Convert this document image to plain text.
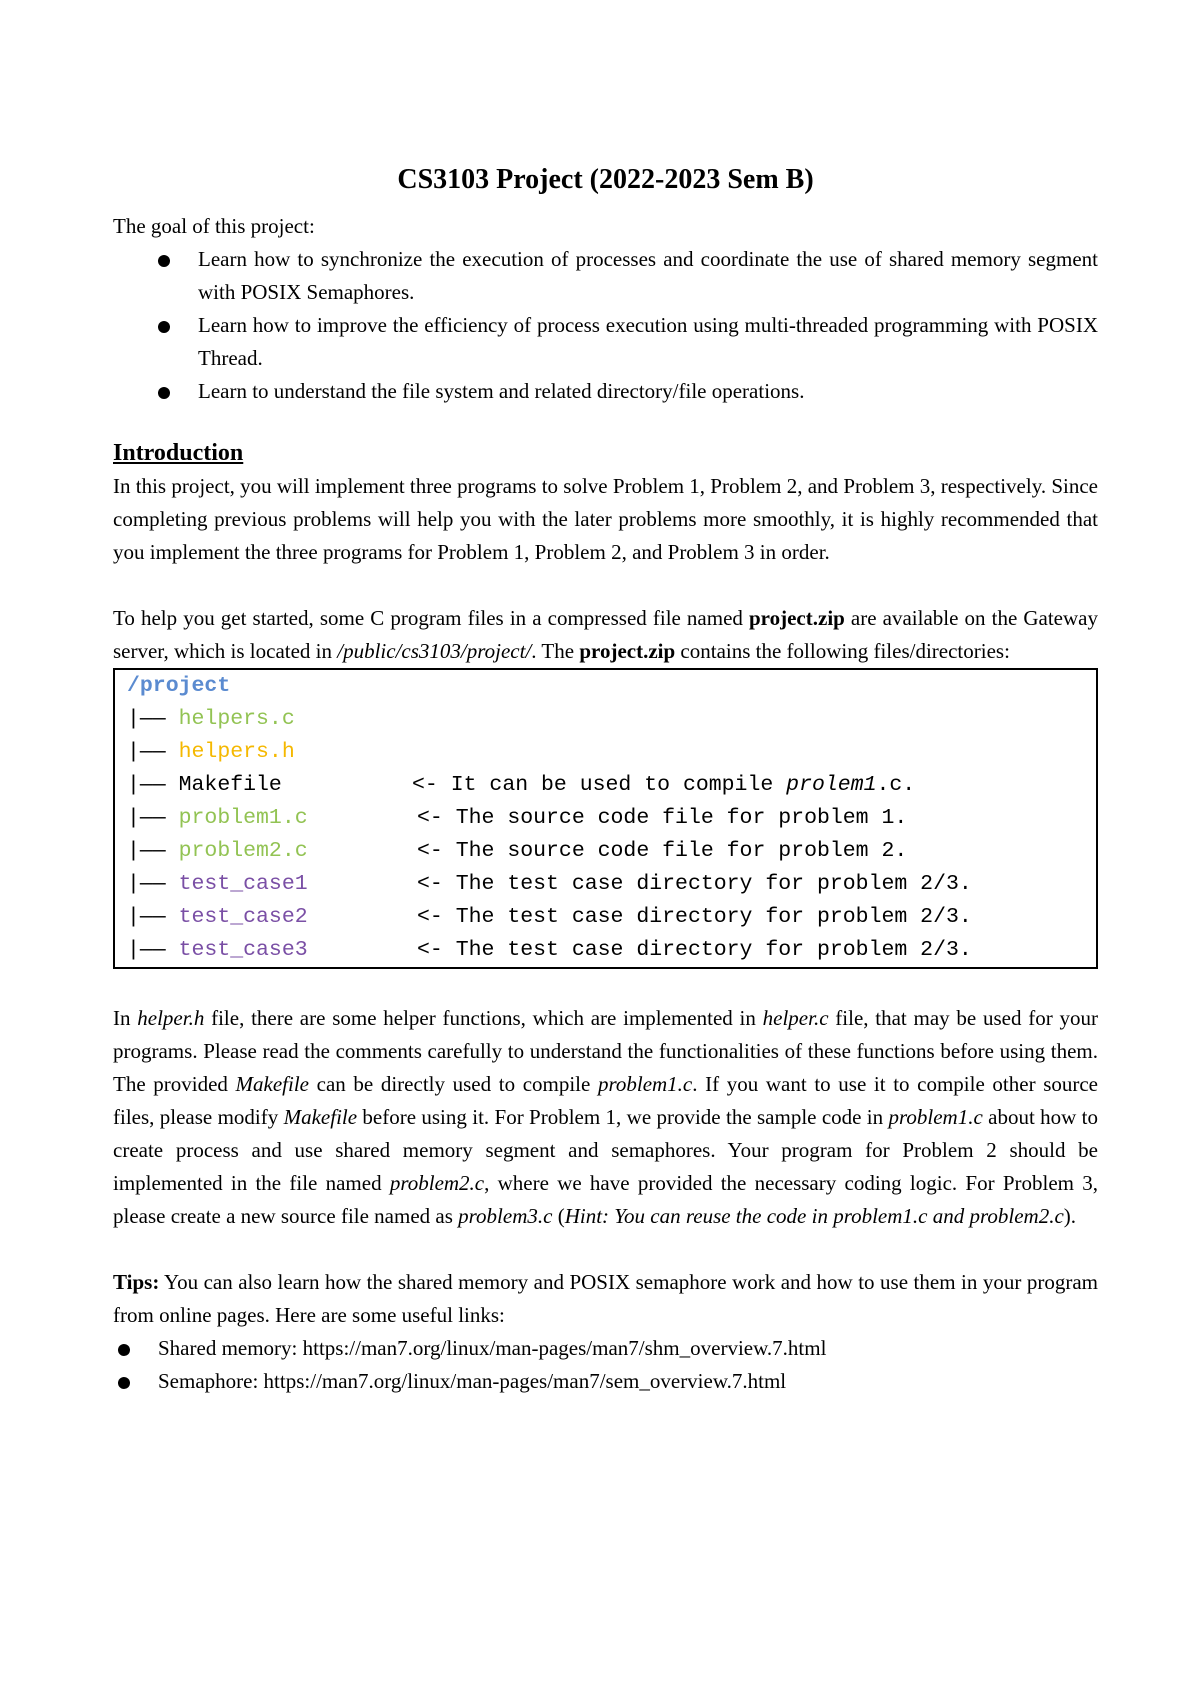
CS3103 Project (2022-2023 Sem B)

The goal of this project:

Learn how to synchronize the execution of processes and coordinate the use of shared memory segment with POSIX Semaphores.
Learn how to improve the efficiency of process execution using multi-threaded programming with POSIX Thread.
Learn to understand the file system and related directory/file operations.
Introduction

In this project, you will implement three programs to solve Problem 1, Problem 2, and Problem 3, respectively. Since completing previous problems will help you with the later problems more smoothly, it is highly recommended that you implement the three programs for Problem 1, Problem 2, and Problem 3 in order.

To help you get started, some C program files in a compressed file named project.zip are available on the Gateway server, which is located in /public/cs3103/project/. The project.zip contains the following files/directories:

/project
|—— helpers.c
|—— helpers.h
|—— Makefile	<- It can be used to compile prolem1.c.
|—— problem1.c	<- The source code file for problem 1.
|—— problem2.c	<- The source code file for problem 2.
|—— test_case1	<- The test case directory for problem 2/3.
|—— test_case2	<- The test case directory for problem 2/3.
|—— test_case3	<- The test case directory for problem 2/3.

In helper.h file, there are some helper functions, which are implemented in helper.c file, that may be used for your programs. Please read the comments carefully to understand the functionalities of these functions before using them. The provided Makefile can be directly used to compile problem1.c. If you want to use it to compile other source files, please modify Makefile before using it. For Problem 1, we provide the sample code in problem1.c about how to create process and use shared memory segment and semaphores. Your program for Problem 2 should be implemented in the file named problem2.c, where we have provided the necessary coding logic. For Problem 3, please create a new source file named as problem3.c (Hint: You can reuse the code in problem1.c and problem2.c).

Tips: You can also learn how the shared memory and POSIX semaphore work and how to use them in your program from online pages. Here are some useful links:

Shared memory: https://man7.org/linux/man-pages/man7/shm_overview.7.html
Semaphore: https://man7.org/linux/man-pages/man7/sem_overview.7.html
